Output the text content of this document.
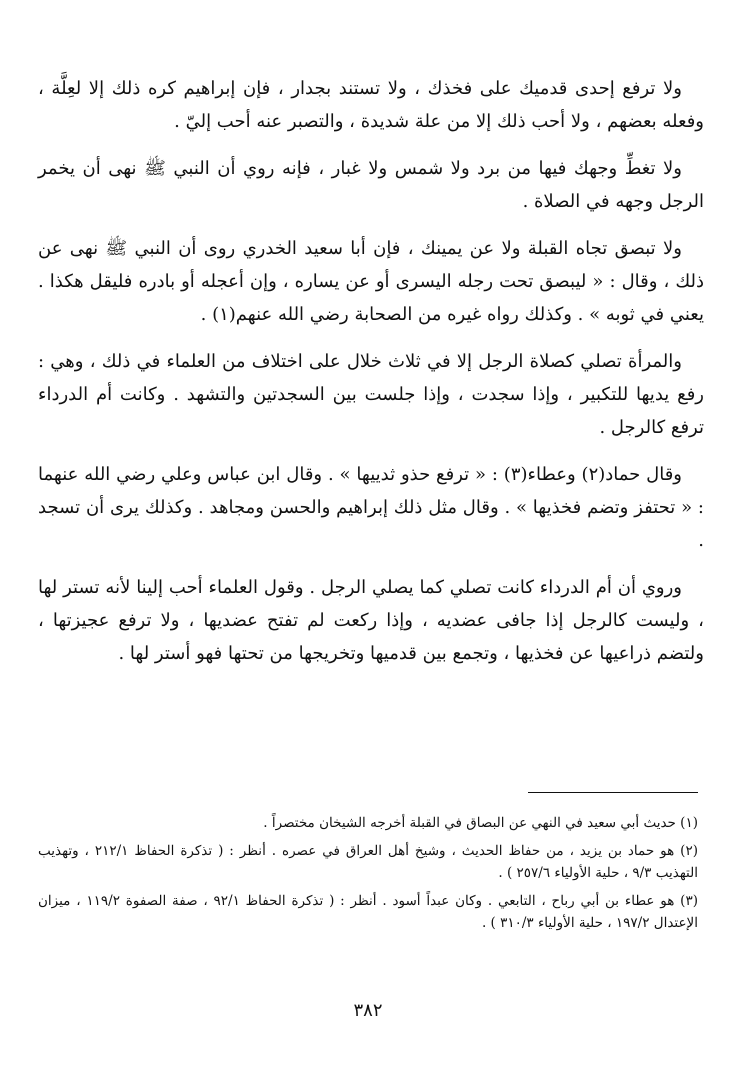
ولا ترفع إحدى قدميك على فخذك ، ولا تستند بجدار ، فإن إبراهيم كره ذلك إلا لعِلَّة ، وفعله بعضهم ، ولا أحب ذلك إلا من علة شديدة ، والتصبر عنه أحب إليّ .

ولا تغطِّ وجهك فيها من برد ولا شمس ولا غبار ، فإنه روي أن النبي ﷺ نهى أن يخمر الرجل وجهه في الصلاة .

ولا تبصق تجاه القبلة ولا عن يمينك ، فإن أبا سعيد الخدري روى أن النبي ﷺ نهى عن ذلك ، وقال : « ليبصق تحت رجله اليسرى أو عن يساره ، وإن أعجله أو بادره فليقل هكذا . يعني في ثوبه » . وكذلك رواه غيره من الصحابة رضي الله عنهم(١) .

والمرأة تصلي كصلاة الرجل إلا في ثلاث خلال على اختلاف من العلماء في ذلك ، وهي : رفع يديها للتكبير ، وإذا سجدت ، وإذا جلست بين السجدتين والتشهد . وكانت أم الدرداء ترفع كالرجل .

وقال حماد(٢) وعطاء(٣) : « ترفع حذو ثدييها » . وقال ابن عباس وعلي رضي الله عنهما : « تحتفز وتضم فخذيها » . وقال مثل ذلك إبراهيم والحسن ومجاهد . وكذلك يرى أن تسجد .

وروي أن أم الدرداء كانت تصلي كما يصلي الرجل . وقول العلماء أحب إلينا لأنه تستر لها ، وليست كالرجل إذا جافى عضديه ، وإذا ركعت لم تفتح عضديها ، ولا ترفع عجيزتها ، ولتضم ذراعيها عن فخذيها ، وتجمع بين قدميها وتخريجها من تحتها فهو أستر لها .

(١) حديث أبي سعيد في النهي عن البصاق في القبلة أخرجه الشيخان مختصراً .

(٢) هو حماد بن يزيد ، من حفاظ الحديث ، وشيخ أهل العراق في عصره . أنظر : ( تذكرة الحفاظ ٢١٢/١ ، وتهذيب التهذيب ٩/٣ ، حلية الأولياء ٢٥٧/٦ ) .

(٣) هو عطاء بن أبي رباح ، التابعي . وكان عبداً أسود . أنظر : ( تذكرة الحفاظ ٩٢/١ ، صفة الصفوة ١١٩/٢ ، ميزان الإعتدال ١٩٧/٢ ، حلية الأولياء ٣١٠/٣ ) .

٣٨٢
